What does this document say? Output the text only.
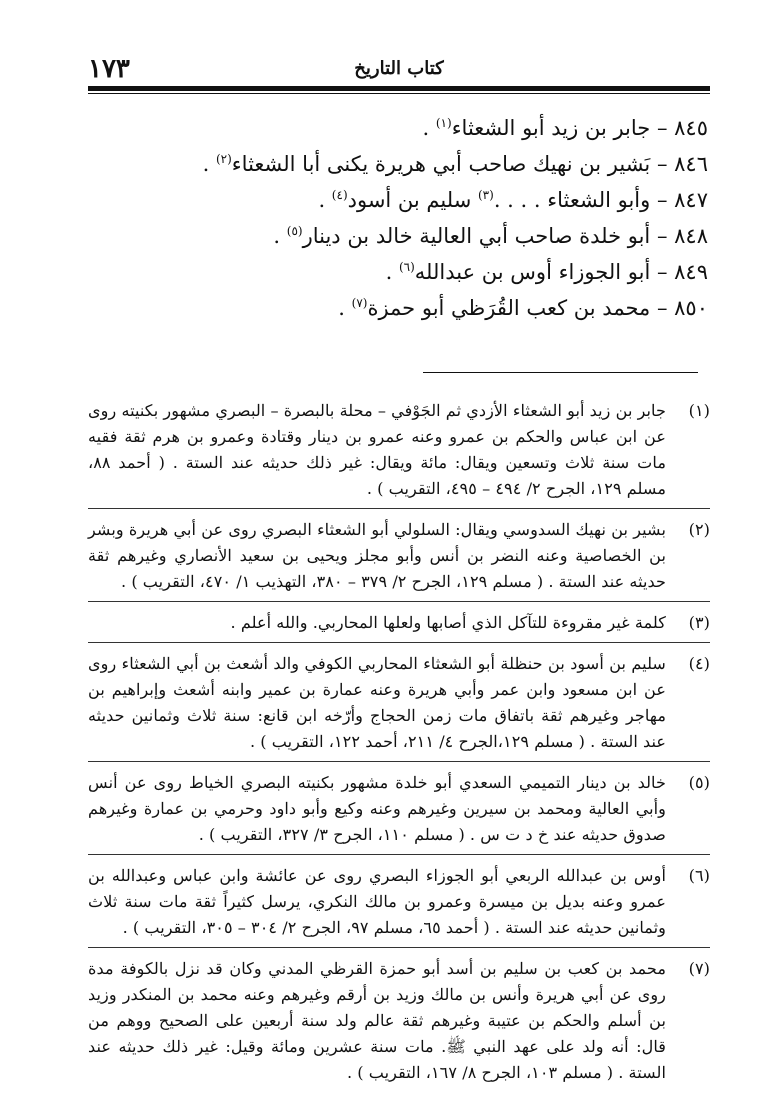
١٧٣	كتاب التاريخ
٨٤٥ – جابر بن زيد أبو الشعثاء$^{(١)}$ .
٨٤٦ – بَشير بن نهيك صاحب أبي هريرة يكنى أبا الشعثاء$^{(٢)}$ .
٨٤٧ – وأبو الشعثاء . . . .$^{(٣)}$ سليم بن أسود$^{(٤)}$ .
٨٤٨ – أبو خلدة صاحب أبي العالية خالد بن دينار$^{(٥)}$ .
٨٤٩ – أبو الجوزاء أوس بن عبدالله$^{(٦)}$ .
٨٥٠ – محمد بن كعب القُرَظي أبو حمزة$^{(٧)}$ .
(١)
جابر بن زيد أبو الشعثاء الأزدي ثم الجَوْفي – محلة بالبصرة – البصري مشهور بكنيته روى عن ابن عباس والحكم بن عمرو وعنه عمرو بن دينار وقتادة وعمرو بن هرم ثقة فقيه مات سنة ثلاث وتسعين ويقال: مائة ويقال: غير ذلك حديثه عند الستة . ( أحمد ٨٨، مسلم ١٢٩، الجرح ٢/ ٤٩٤ – ٤٩٥، التقريب ) .
(٢)
بشير بن نهيك السدوسي ويقال: السلولي أبو الشعثاء البصري روى عن أبي هريرة وبشر بن الخصاصية وعنه النضر بن أنس وأبو مجلز ويحيى بن سعيد الأنصاري وغيرهم ثقة حديثه عند الستة . ( مسلم ١٢٩، الجرح ٢/ ٣٧٩ – ٣٨٠، التهذيب ١/ ٤٧٠، التقريب ) .
(٣)
كلمة غير مقروءة للتآكل الذي أصابها ولعلها المحاربي. والله أعلم .
(٤)
سليم بن أسود بن حنظلة أبو الشعثاء المحاربي الكوفي والد أشعث بن أبي الشعثاء روى عن ابن مسعود وابن عمر وأبي هريرة وعنه عمارة بن عمير وابنه أشعث وإبراهيم بن مهاجر وغيرهم ثقة باتفاق مات زمن الحجاج وأرّخه ابن قانع: سنة ثلاث وثمانين حديثه عند الستة . ( مسلم ١٢٩،الجرح ٤/ ٢١١، أحمد ١٢٢، التقريب ) .
(٥)
خالد بن دينار التميمي السعدي أبو خلدة مشهور بكنيته البصري الخياط روى عن أنس وأبي العالية ومحمد بن سيرين وغيرهم وعنه وكيع وأبو داود وحرمي بن عمارة وغيرهم صدوق حديثه عند خ د ت س . ( مسلم ١١٠، الجرح ٣/ ٣٢٧، التقريب ) .
(٦)
أوس بن عبدالله الربعي أبو الجوزاء البصري روى عن عائشة وابن عباس وعبدالله بن عمرو وعنه بديل بن ميسرة وعمرو بن مالك النكري، يرسل كثيراً ثقة مات سنة ثلاث وثمانين حديثه عند الستة . ( أحمد ٦٥، مسلم ٩٧، الجرح ٢/ ٣٠٤ – ٣٠٥، التقريب ) .
(٧)
محمد بن كعب بن سليم بن أسد أبو حمزة القرظي المدني وكان قد نزل بالكوفة مدة روى عن أبي هريرة وأنس بن مالك وزيد بن أرقم وغيرهم وعنه محمد بن المنكدر وزيد بن أسلم والحكم بن عتيبة وغيرهم ثقة عالم ولد سنة أربعين على الصحيح ووهم من قال: أنه ولد على عهد النبي ﷺ. مات سنة عشرين ومائة وقيل: غير ذلك حديثه عند الستة . ( مسلم ١٠٣، الجرح ٨/ ١٦٧، التقريب ) .
